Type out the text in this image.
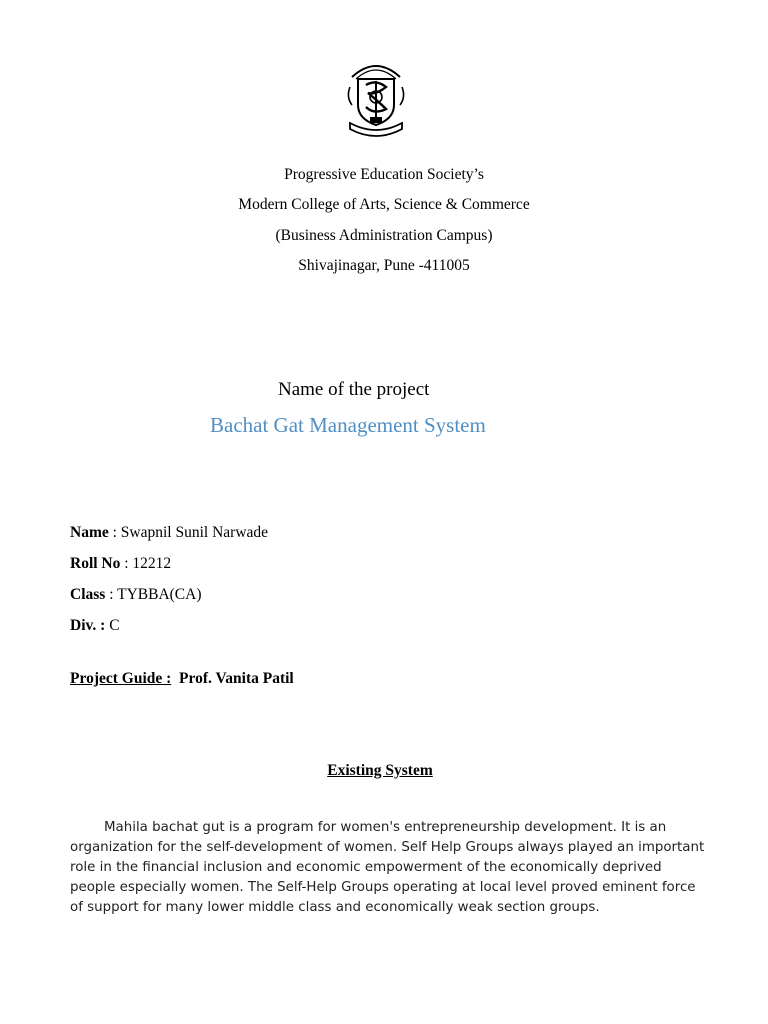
Progressive Education Society’s
Modern College of Arts, Science & Commerce
(Business Administration Campus)
Shivajinagar, Pune -411005
Name of the project
Bachat Gat Management System
Name : Swapnil Sunil Narwade
Roll No : 12212
Class : TYBBA(CA)
Div. : C
Project Guide :  Prof. Vanita Patil
Existing System
Mahila bachat gut is a program for women's entrepreneurship development. It is an organization for the self-development of women. Self Help Groups always played an important role in the financial inclusion and economic empowerment of the economically deprived people especially women. The Self-Help Groups operating at local level proved eminent force of support for many lower middle class and economically weak section groups.
